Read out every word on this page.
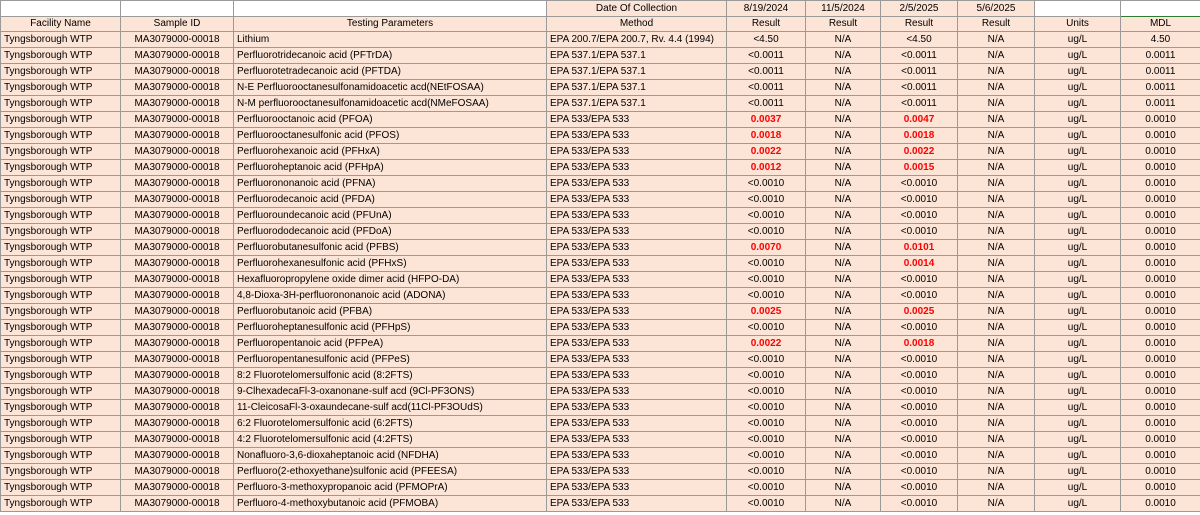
			Date Of Collection	8/19/2024	11/5/2024	2/5/2025	5/6/2025		
Facility Name	Sample ID	Testing Parameters	Method	Result	Result	Result	Result	Units	MDL
Tyngsborough WTP	MA3079000-00018	Lithium	EPA 200.7/EPA 200.7, Rv. 4.4 (1994)	<4.50	N/A	<4.50	N/A	ug/L	4.50
Tyngsborough WTP	MA3079000-00018	Perfluorotridecanoic acid (PFTrDA)	EPA 537.1/EPA 537.1	<0.0011	N/A	<0.0011	N/A	ug/L	0.0011
Tyngsborough WTP	MA3079000-00018	Perfluorotetradecanoic acid (PFTDA)	EPA 537.1/EPA 537.1	<0.0011	N/A	<0.0011	N/A	ug/L	0.0011
Tyngsborough WTP	MA3079000-00018	N-E Perfluorooctanesulfonamidoacetic acd(NEtFOSAA)	EPA 537.1/EPA 537.1	<0.0011	N/A	<0.0011	N/A	ug/L	0.0011
Tyngsborough WTP	MA3079000-00018	N-M perfluorooctanesulfonamidoacetic acd(NMeFOSAA)	EPA 537.1/EPA 537.1	<0.0011	N/A	<0.0011	N/A	ug/L	0.0011
Tyngsborough WTP	MA3079000-00018	Perfluorooctanoic acid (PFOA)	EPA 533/EPA 533	0.0037	N/A	0.0047	N/A	ug/L	0.0010
Tyngsborough WTP	MA3079000-00018	Perfluorooctanesulfonic acid (PFOS)	EPA 533/EPA 533	0.0018	N/A	0.0018	N/A	ug/L	0.0010
Tyngsborough WTP	MA3079000-00018	Perfluorohexanoic acid (PFHxA)	EPA 533/EPA 533	0.0022	N/A	0.0022	N/A	ug/L	0.0010
Tyngsborough WTP	MA3079000-00018	Perfluoroheptanoic acid (PFHpA)	EPA 533/EPA 533	0.0012	N/A	0.0015	N/A	ug/L	0.0010
Tyngsborough WTP	MA3079000-00018	Perfluorononanoic acid (PFNA)	EPA 533/EPA 533	<0.0010	N/A	<0.0010	N/A	ug/L	0.0010
Tyngsborough WTP	MA3079000-00018	Perfluorodecanoic acid (PFDA)	EPA 533/EPA 533	<0.0010	N/A	<0.0010	N/A	ug/L	0.0010
Tyngsborough WTP	MA3079000-00018	Perfluoroundecanoic acid (PFUnA)	EPA 533/EPA 533	<0.0010	N/A	<0.0010	N/A	ug/L	0.0010
Tyngsborough WTP	MA3079000-00018	Perfluorododecanoic acid (PFDoA)	EPA 533/EPA 533	<0.0010	N/A	<0.0010	N/A	ug/L	0.0010
Tyngsborough WTP	MA3079000-00018	Perfluorobutanesulfonic acid (PFBS)	EPA 533/EPA 533	0.0070	N/A	0.0101	N/A	ug/L	0.0010
Tyngsborough WTP	MA3079000-00018	Perfluorohexanesulfonic acid (PFHxS)	EPA 533/EPA 533	<0.0010	N/A	0.0014	N/A	ug/L	0.0010
Tyngsborough WTP	MA3079000-00018	Hexafluoropropylene oxide dimer acid (HFPO-DA)	EPA 533/EPA 533	<0.0010	N/A	<0.0010	N/A	ug/L	0.0010
Tyngsborough WTP	MA3079000-00018	4,8-Dioxa-3H-perfluorononanoic acid (ADONA)	EPA 533/EPA 533	<0.0010	N/A	<0.0010	N/A	ug/L	0.0010
Tyngsborough WTP	MA3079000-00018	Perfluorobutanoic acid (PFBA)	EPA 533/EPA 533	0.0025	N/A	0.0025	N/A	ug/L	0.0010
Tyngsborough WTP	MA3079000-00018	Perfluoroheptanesulfonic acid (PFHpS)	EPA 533/EPA 533	<0.0010	N/A	<0.0010	N/A	ug/L	0.0010
Tyngsborough WTP	MA3079000-00018	Perfluoropentanoic acid (PFPeA)	EPA 533/EPA 533	0.0022	N/A	0.0018	N/A	ug/L	0.0010
Tyngsborough WTP	MA3079000-00018	Perfluoropentanesulfonic acid (PFPeS)	EPA 533/EPA 533	<0.0010	N/A	<0.0010	N/A	ug/L	0.0010
Tyngsborough WTP	MA3079000-00018	8:2 Fluorotelomersulfonic acid (8:2FTS)	EPA 533/EPA 533	<0.0010	N/A	<0.0010	N/A	ug/L	0.0010
Tyngsborough WTP	MA3079000-00018	9-ClhexadecaFl-3-oxanonane-sulf acd (9Cl-PF3ONS)	EPA 533/EPA 533	<0.0010	N/A	<0.0010	N/A	ug/L	0.0010
Tyngsborough WTP	MA3079000-00018	11-CleicosaFl-3-oxaundecane-sulf acd(11Cl-PF3OUdS)	EPA 533/EPA 533	<0.0010	N/A	<0.0010	N/A	ug/L	0.0010
Tyngsborough WTP	MA3079000-00018	6:2 Fluorotelomersulfonic acid (6:2FTS)	EPA 533/EPA 533	<0.0010	N/A	<0.0010	N/A	ug/L	0.0010
Tyngsborough WTP	MA3079000-00018	4:2 Fluorotelomersulfonic acid (4:2FTS)	EPA 533/EPA 533	<0.0010	N/A	<0.0010	N/A	ug/L	0.0010
Tyngsborough WTP	MA3079000-00018	Nonafluoro-3,6-dioxaheptanoic acid (NFDHA)	EPA 533/EPA 533	<0.0010	N/A	<0.0010	N/A	ug/L	0.0010
Tyngsborough WTP	MA3079000-00018	Perfluoro(2-ethoxyethane)sulfonic acid (PFEESA)	EPA 533/EPA 533	<0.0010	N/A	<0.0010	N/A	ug/L	0.0010
Tyngsborough WTP	MA3079000-00018	Perfluoro-3-methoxypropanoic acid (PFMOPrA)	EPA 533/EPA 533	<0.0010	N/A	<0.0010	N/A	ug/L	0.0010
Tyngsborough WTP	MA3079000-00018	Perfluoro-4-methoxybutanoic acid (PFMOBA)	EPA 533/EPA 533	<0.0010	N/A	<0.0010	N/A	ug/L	0.0010
